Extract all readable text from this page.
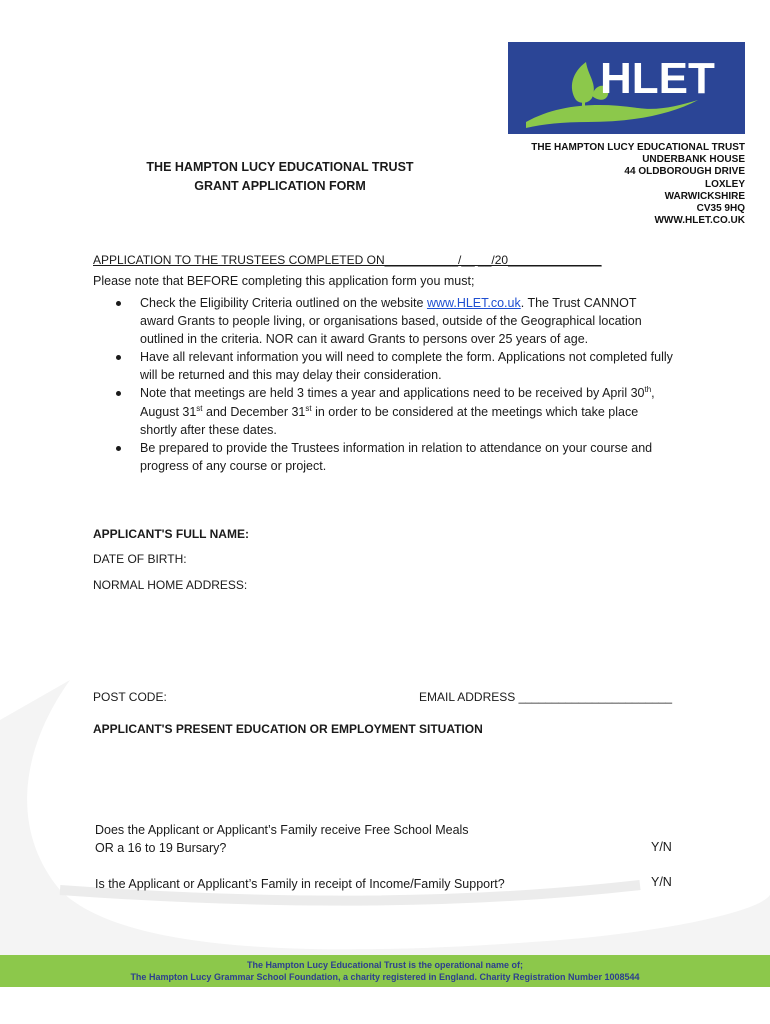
HLET
THE HAMPTON LUCY EDUCATIONAL TRUST
UNDERBANK HOUSE
44 OLDBOROUGH DRIVE
LOXLEY
WARWICKSHIRE
CV35 9HQ
WWW.HLET.CO.UK
THE HAMPTON LUCY EDUCATIONAL TRUST
GRANT APPLICATION FORM
APPLICATION TO THE TRUSTEES COMPLETED ON___________/__ __/20______________
Please note that BEFORE completing this application form you must;
Check the Eligibility Criteria outlined on the website www.HLET.co.uk. The Trust CANNOT award Grants to people living, or organisations based, outside of the Geographical location outlined in the criteria. NOR can it award Grants to persons over 25 years of age.
Have all relevant information you will need to complete the form. Applications not completed fully will be returned and this may delay their consideration.
Note that meetings are held 3 times a year and applications need to be received by April 30th, August 31st and December 31st in order to be considered at the meetings which take place shortly after these dates.
Be prepared to provide the Trustees information in relation to attendance on your course and progress of any course or project.
APPLICANT'S FULL NAME:
DATE OF BIRTH:
NORMAL HOME ADDRESS:
POST CODE:	EMAIL ADDRESS _______________________
APPLICANT'S PRESENT EDUCATION OR EMPLOYMENT SITUATION
Does the Applicant or Applicant’s Family receive Free School Meals
OR a 16 to 19 Bursary?	Y/N
Is the Applicant or Applicant’s Family in receipt of Income/Family Support?	Y/N
The Hampton Lucy Educational Trust is the operational name of;
The Hampton Lucy Grammar School Foundation, a charity registered in England. Charity Registration Number 1008544
